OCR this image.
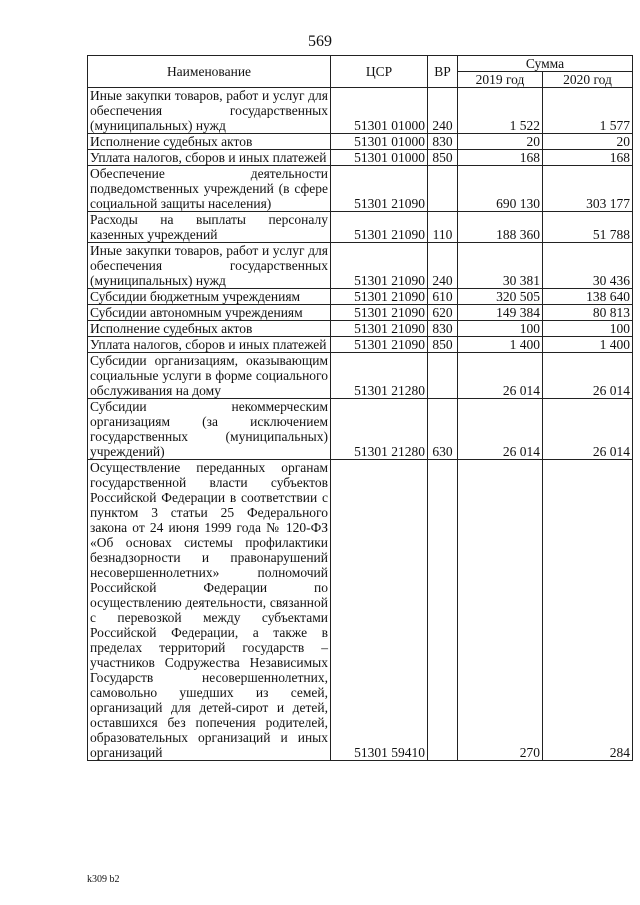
569
Наименование	ЦСР	ВР	Сумма	
			2019 год	2020 год
Иные закупки товаров, работ и услуг для обеспечения государственных (муниципальных) нужд	51301 01000	240	1 522	1 577
Исполнение судебных актов	51301 01000	830	20	20
Уплата налогов, сборов и иных платежей	51301 01000	850	168	168
Обеспечение деятельности подведомственных учреждений (в сфере социальной защиты населения)	51301 21090		690 130	303 177
Расходы на выплаты персоналу казенных учреждений	51301 21090	110	188 360	51 788
Иные закупки товаров, работ и услуг для обеспечения государственных (муниципальных) нужд	51301 21090	240	30 381	30 436
Субсидии бюджетным учреждениям	51301 21090	610	320 505	138 640
Субсидии автономным учреждениям	51301 21090	620	149 384	80 813
Исполнение судебных актов	51301 21090	830	100	100
Уплата налогов, сборов и иных платежей	51301 21090	850	1 400	1 400
Субсидии организациям, оказывающим социальные услуги в форме социального обслуживания на дому	51301 21280		26 014	26 014
Субсидии некоммерческим организациям (за исключением государственных (муниципальных) учреждений)	51301 21280	630	26 014	26 014
Осуществление переданных органам государственной власти субъектов Российской Федерации в соответствии с пунктом 3 статьи 25 Федерального закона от 24 июня 1999 года № 120-ФЗ «Об основах системы профилактики безнадзорности и правонарушений несовершеннолетних» полномочий Российской Федерации по осуществлению деятельности, связанной с перевозкой между субъектами Российской Федерации, а также в пределах территорий государств – участников Содружества Независимых Государств несовершеннолетних, самовольно ушедших из семей, организаций для детей-сирот и детей, оставшихся без попечения родителей, образовательных организаций и иных организаций	51301 59410		270	284
k309 b2
